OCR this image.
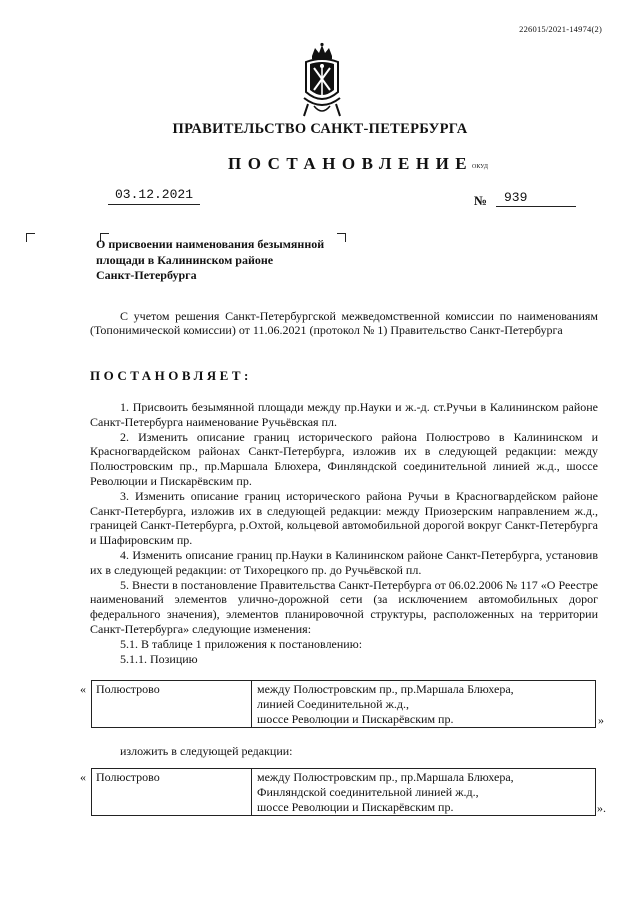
226015/2021-14974(2)
ПРАВИТЕЛЬСТВО САНКТ-ПЕТЕРБУРГА
ПОСТАНОВЛЕНИЕ
ОКУД
03.12.2021	№	939
О присвоении наименования безымянной
площади в Калининском районе
Санкт-Петербурга
С учетом решения Санкт-Петербургской межведомственной комиссии по наименованиям (Топонимической комиссии) от 11.06.2021 (протокол № 1) Правительство Санкт-Петербурга
ПОСТАНОВЛЯЕТ:

1. Присвоить безымянной площади между пр.Науки и ж.-д. ст.Ручьи в Калининском районе Санкт-Петербурга наименование Ручьёвская пл.

2. Изменить описание границ исторического района Полюстрово в Калининском и Красногвардейском районах Санкт-Петербурга, изложив их в следующей редакции: между Полюстровским пр., пр.Маршала Блюхера, Финляндской соединительной линией ж.д., шоссе Революции и Пискарёвским пр.

3. Изменить описание границ исторического района Ручьи в Красногвардейском районе Санкт-Петербурга, изложив их в следующей редакции: между Приозерским направлением ж.д., границей Санкт-Петербурга, р.Охтой, кольцевой автомобильной дорогой вокруг Санкт-Петербурга и Шафировским пр.

4. Изменить описание границ пр.Науки в Калининском районе Санкт-Петербурга, установив их в следующей редакции: от Тихорецкого пр. до Ручьёвской пл.

5. Внести в постановление Правительства Санкт-Петербурга от 06.02.2006 № 117 «О Реестре наименований элементов улично-дорожной сети (за исключением автомобильных дорог федерального значения), элементов планировочной структуры, расположенных на территории Санкт-Петербурга» следующие изменения:

5.1. В таблице 1 приложения к постановлению:

5.1.1. Позицию

« Полюстрово	между Полюстровским пр., пр.Маршала Блюхера,
линией Соединительной ж.д.,
шоссе Революции и Пискарёвским пр.	»
изложить в следующей редакции:
« Полюстрово	между Полюстровским пр., пр.Маршала Блюхера,
Финляндской соединительной линией ж.д.,
шоссе Революции и Пискарёвским пр.	».
